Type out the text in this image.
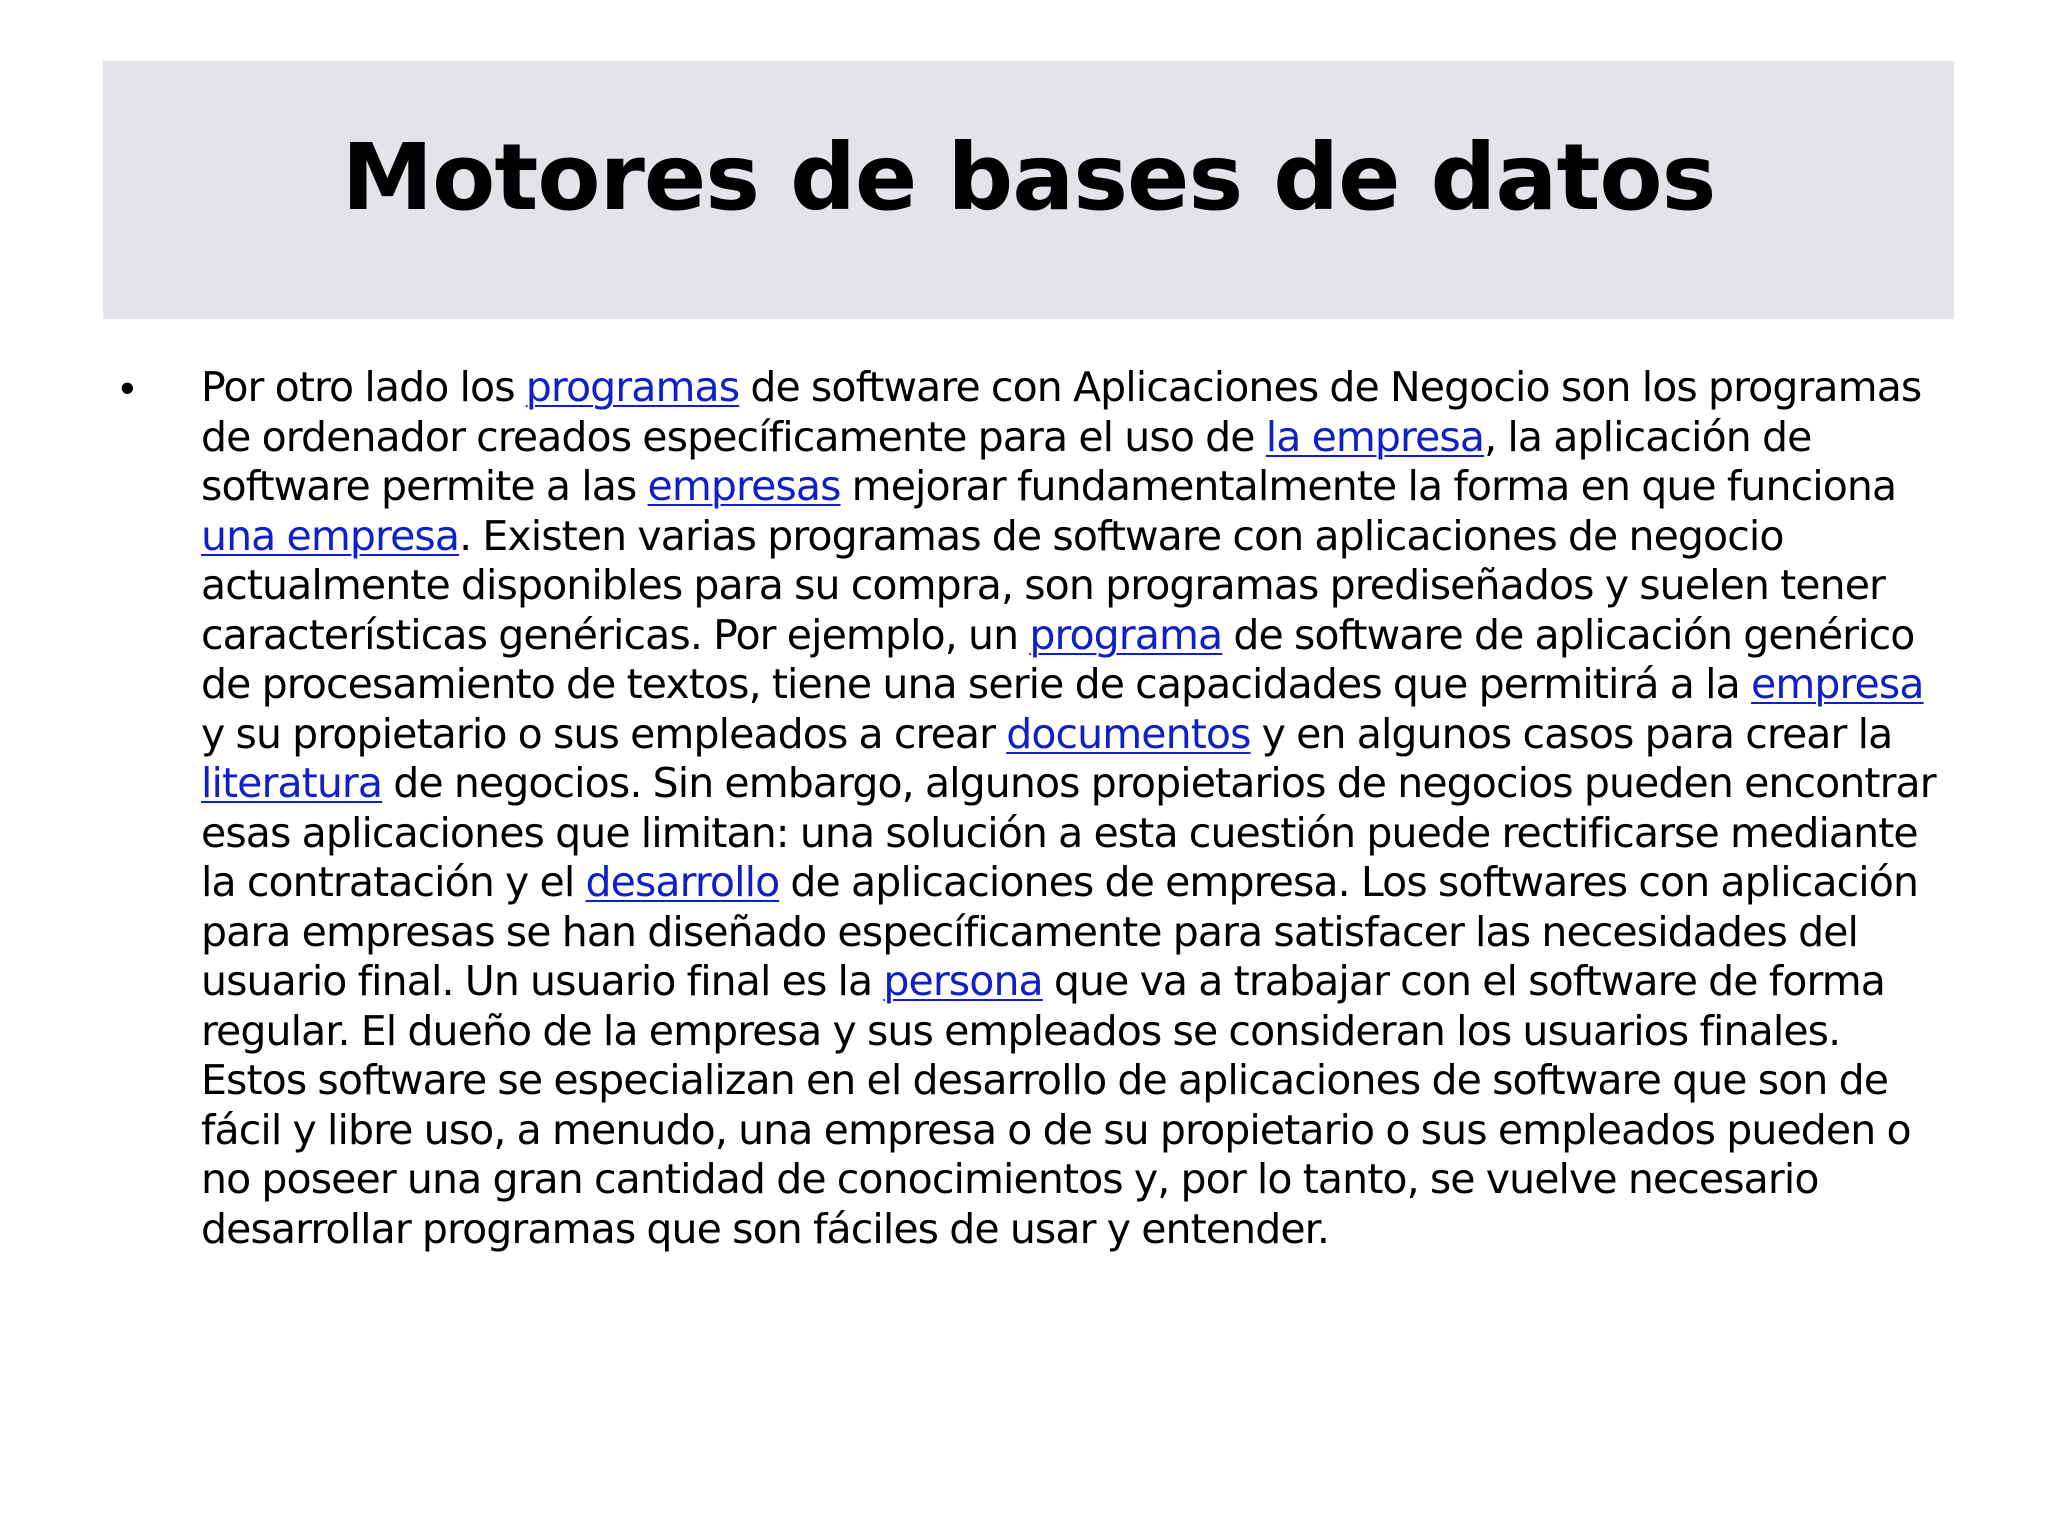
Motores de bases de datos
• Por otro lado los programas de software con Aplicaciones de Negocio son los programas de ordenador creados específicamente para el uso de la empresa, la aplicación de software permite a las empresas mejorar fundamentalmente la forma en que funciona una empresa. Existen varias programas de software con aplicaciones de negocio actualmente disponibles para su compra, son programas prediseñados y suelen tener características genéricas. Por ejemplo, un programa de software de aplicación genérico de procesamiento de textos, tiene una serie de capacidades que permitirá a la empresa y su propietario o sus empleados a crear documentos y en algunos casos para crear la literatura de negocios. Sin embargo, algunos propietarios de negocios pueden encontrar esas aplicaciones que limitan: una solución a esta cuestión puede rectificarse mediante la contratación y el desarrollo de aplicaciones de empresa. Los softwares con aplicación para empresas se han diseñado específicamente para satisfacer las necesidades del usuario final. Un usuario final es la persona que va a trabajar con el software de forma regular. El dueño de la empresa y sus empleados se consideran los usuarios finales. Estos software se especializan en el desarrollo de aplicaciones de software que son de fácil y libre uso, a menudo, una empresa o de su propietario o sus empleados pueden o no poseer una gran cantidad de conocimientos y, por lo tanto, se vuelve necesario desarrollar programas que son fáciles de usar y entender.
